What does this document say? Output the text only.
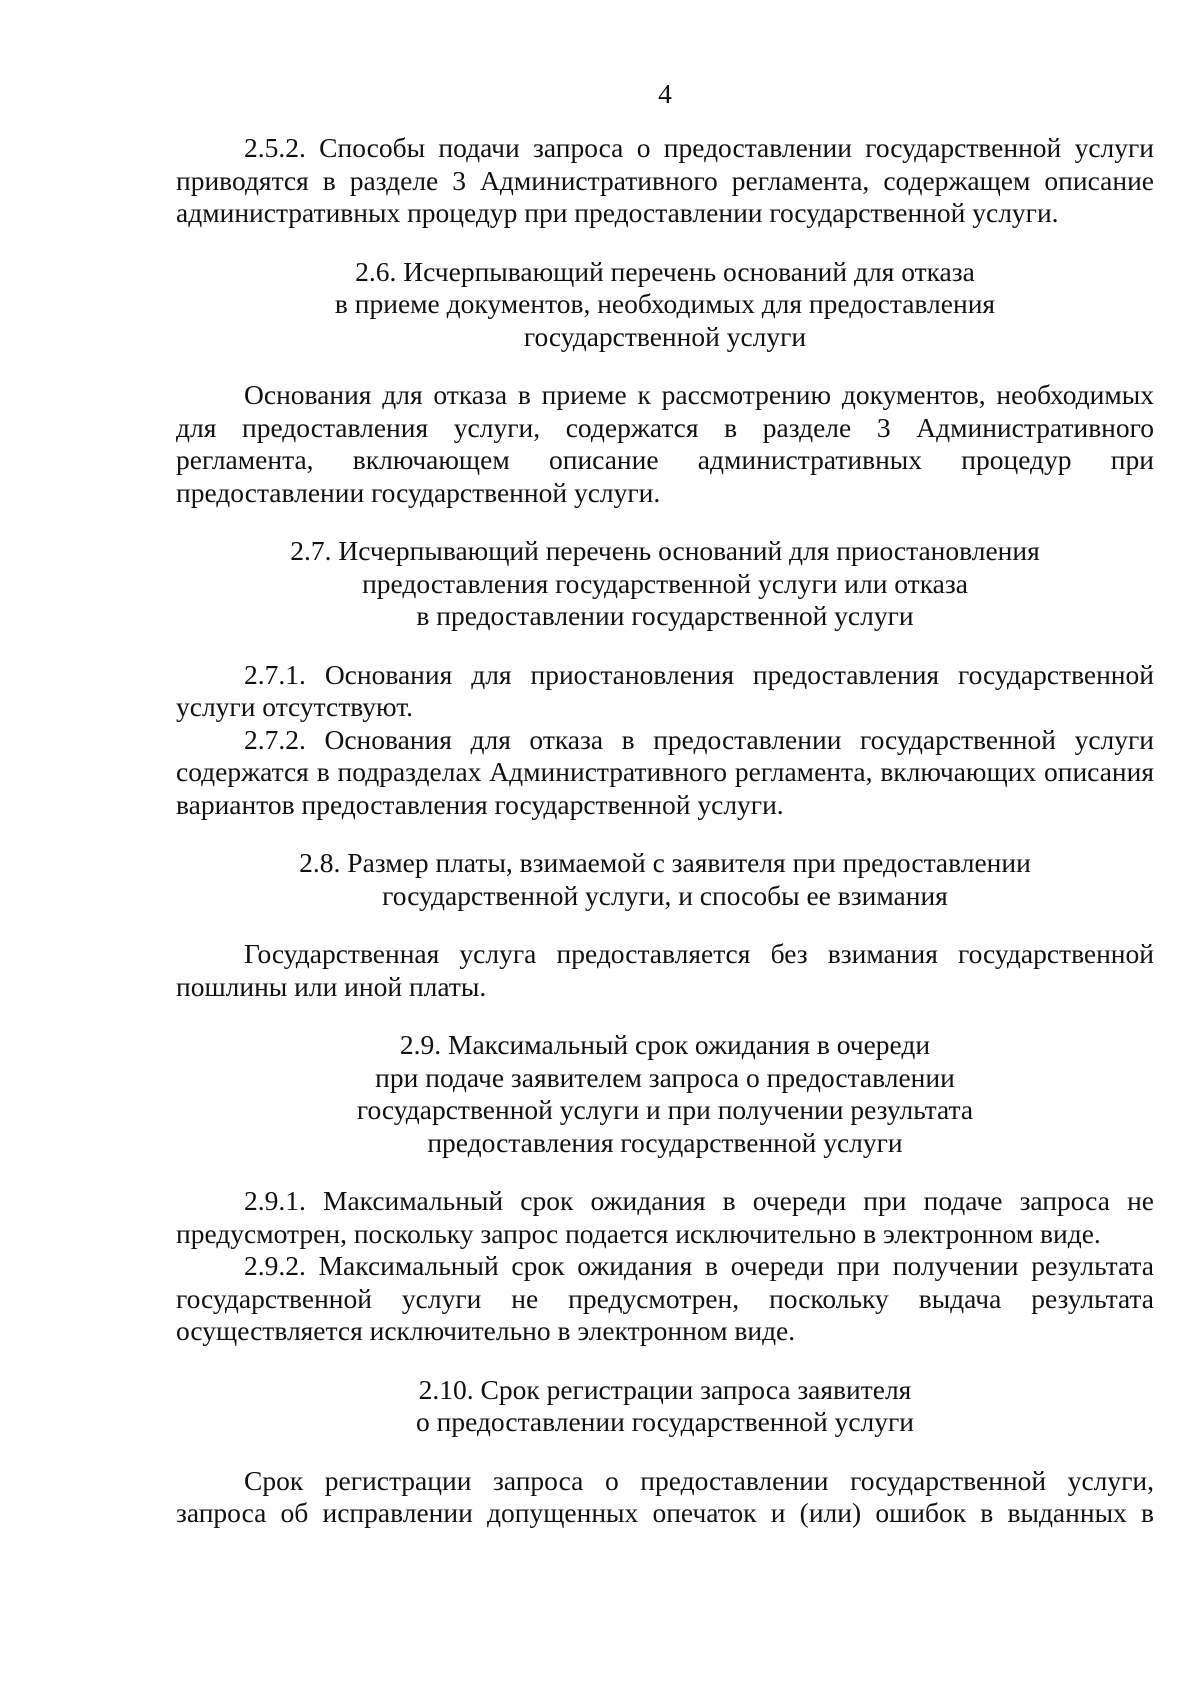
4

2.5.2. Способы подачи запроса о предоставлении государственной услуги приводятся в разделе 3 Административного регламента, содержащем описание административных процедур при предоставлении государственной услуги.

2.6. Исчерпывающий перечень оснований для отказа
в приеме документов, необходимых для предоставления
государственной услуги

Основания для отказа в приеме к рассмотрению документов, необходимых для предоставления услуги, содержатся в разделе 3 Административного регламента, включающем описание административных процедур при предоставлении государственной услуги.

2.7. Исчерпывающий перечень оснований для приостановления
предоставления государственной услуги или отказа
в предоставлении государственной услуги

2.7.1. Основания для приостановления предоставления государственной услуги отсутствуют.

2.7.2. Основания для отказа в предоставлении государственной услуги содержатся в подразделах Административного регламента, включающих описания вариантов предоставления государственной услуги.

2.8. Размер платы, взимаемой с заявителя при предоставлении
государственной услуги, и способы ее взимания

Государственная услуга предоставляется без взимания государственной пошлины или иной платы.

2.9. Максимальный срок ожидания в очереди
при подаче заявителем запроса о предоставлении
государственной услуги и при получении результата
предоставления государственной услуги

2.9.1. Максимальный срок ожидания в очереди при подаче запроса не предусмотрен, поскольку запрос подается исключительно в электронном виде.

2.9.2. Максимальный срок ожидания в очереди при получении результата государственной услуги не предусмотрен, поскольку выдача результата осуществляется исключительно в электронном виде.

2.10. Срок регистрации запроса заявителя
о предоставлении государственной услуги

Срок регистрации запроса о предоставлении государственной услуги, запроса об исправлении допущенных опечаток и (или) ошибок в выданных в
